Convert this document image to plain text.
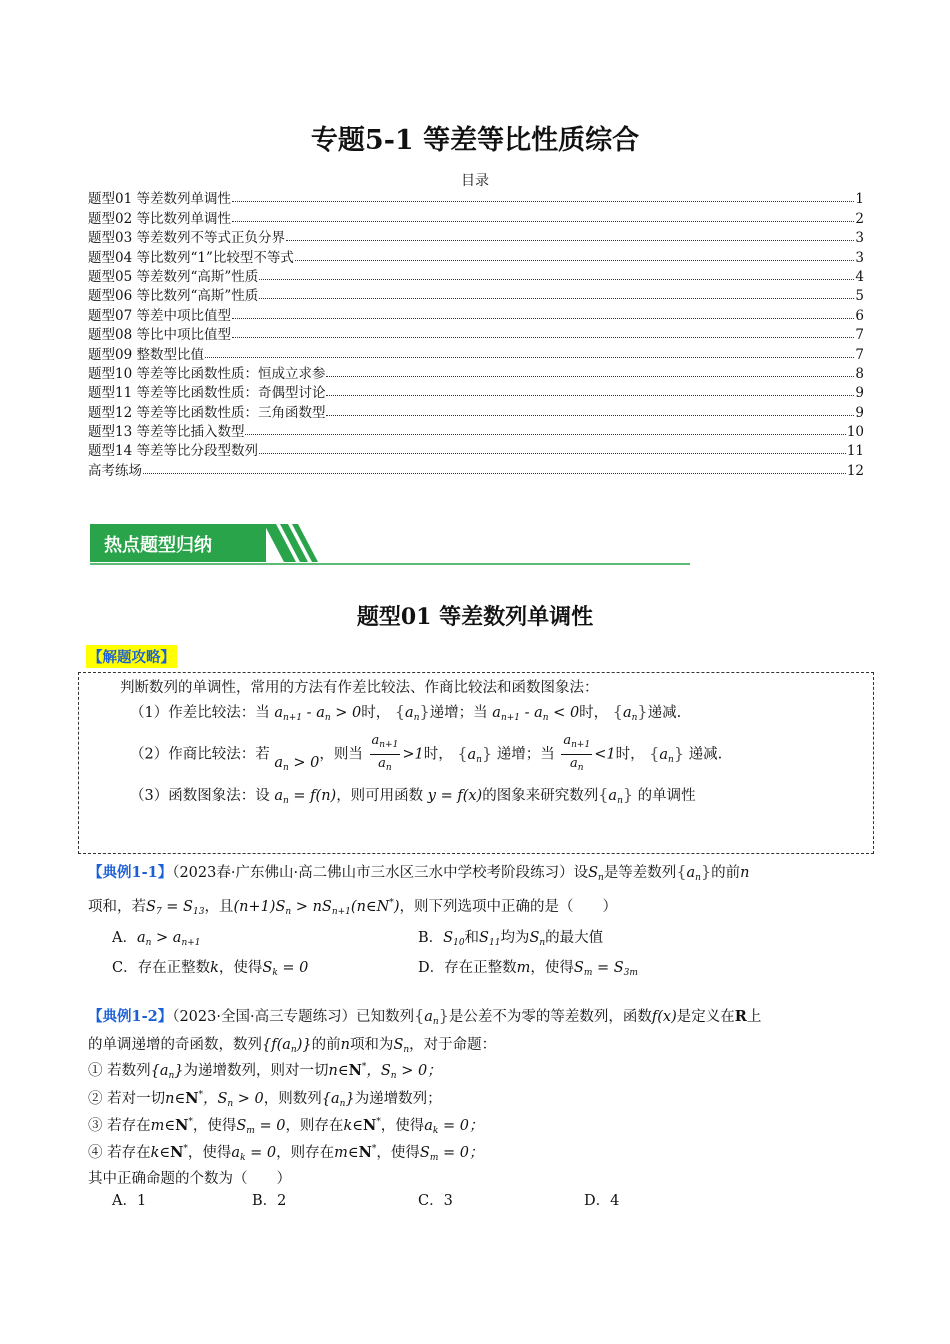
专题5-1 等差等比性质综合
目录
题型01 等差数列单调性	1
题型02 等比数列单调性	2
题型03 等差数列不等式正负分界	3
题型04 等比数列“1”比较型不等式	3
题型05 等差数列“高斯”性质	4
题型06 等比数列“高斯”性质	5
题型07 等差中项比值型	6
题型08 等比中项比值型	7
题型09 整数型比值	7
题型10 等差等比函数性质：恒成立求参	8
题型11 等差等比函数性质：奇偶型讨论	9
题型12 等差等比函数性质：三角函数型	9
题型13 等差等比插入数型	10
题型14 等差等比分段型数列	11
高考练场	12
热点题型归纳
题型01 等差数列单调性
【解题攻略】
判断数列的单调性，常用的方法有作差比较法、作商比较法和函数图象法：
（1）作差比较法：当 $a_{n+1} - a_n > 0$时， $\{a_n\}$递增；当 $a_{n+1} - a_n < 0$时， $\{a_n\}$递减.
（2）作商比较法：若 $a_n > 0$，则当 $\frac{a_{n+1}}{a_n} >1$时， $\{a_n\}$ 递增；当 $\frac{a_{n+1}}{a_n} <1$时， $\{a_n\}$ 递减.
（3）函数图象法：设 $a_n = f(n)$，则可用函数 y = f(x)的图象来研究数列$\{a_n\}$ 的单调性
【典例1-1】（2023春·广东佛山·高二佛山市三水区三水中学校考阶段练习）设$S_n$是等差数列$\{a_n\}$的前n
项和，若$S_7 = S_{13}$，且$(n+1)S_n$ > $nS_{n+1}(n\in N^*)$，则下列选项中正确的是（　　）
A．$a_n > a_{n+1}$	B．$S_{10}$和$S_{11}$均为$S_n$的最大值
C．存在正整数k，使得$S_k = 0$	D．存在正整数m，使得$S_m = S_{3m}$
【典例1-2】（2023·全国·高三专题练习）已知数列$\{a_n\}$是公差不为零的等差数列，函数f(x)是定义在R上
的单调递增的奇函数，数列$\{f(a_n)\}$的前n项和为$S_n$，对于命题：
① 若数列$\{a_n\}$为递增数列，则对一切n∈N*，$S_n > 0$；
② 若对一切n∈N*，$S_n > 0$，则数列$\{a_n\}$为递增数列；
③ 若存在m∈N*，使得$S_m = 0$，则存在k∈N*，使得$a_k = 0$；
④ 若存在k∈N*，使得$a_k = 0$，则存在m∈N*，使得$S_m = 0$；
其中正确命题的个数为（　　）
A．1	B．2	C．3	D．4
